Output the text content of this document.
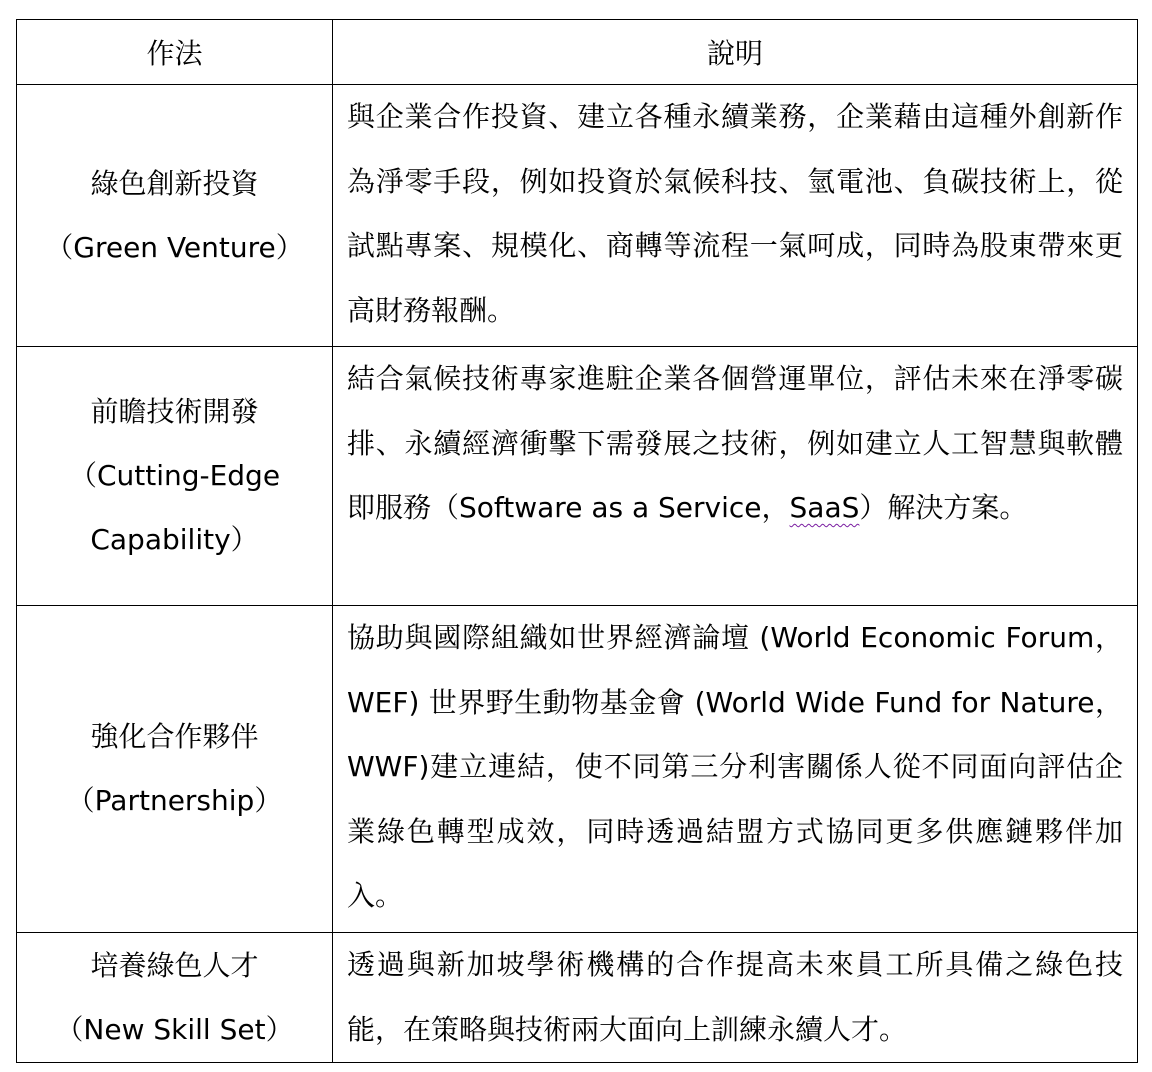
作法	說明

綠色創新投資
（Green Venture）	與企業合作投資、建立各種永續業務，企業藉由這種外創新作為淨零手段，例如投資於氣候科技、氫電池、負碳技術上，從試點專案、規模化、商轉等流程一氣呵成，同時為股東帶來更高財務報酬。

前瞻技術開發
（Cutting-Edge
Capability）	結合氣候技術專家進駐企業各個營運單位，評估未來在淨零碳排、永續經濟衝擊下需發展之技術，例如建立人工智慧與軟體即服務（Software as a Service，SaaS）解決方案。

強化合作夥伴
（Partnership）	協助與國際組織如世界經濟論壇 (World Economic Forum，WEF) 世界野生動物基金會 (World Wide Fund for Nature，WWF)建立連結，使不同第三分利害關係人從不同面向評估企業綠色轉型成效，同時透過結盟方式協同更多供應鏈夥伴加入。

培養綠色人才
（New Skill Set）	透過與新加坡學術機構的合作提高未來員工所具備之綠色技能，在策略與技術兩大面向上訓練永續人才。
